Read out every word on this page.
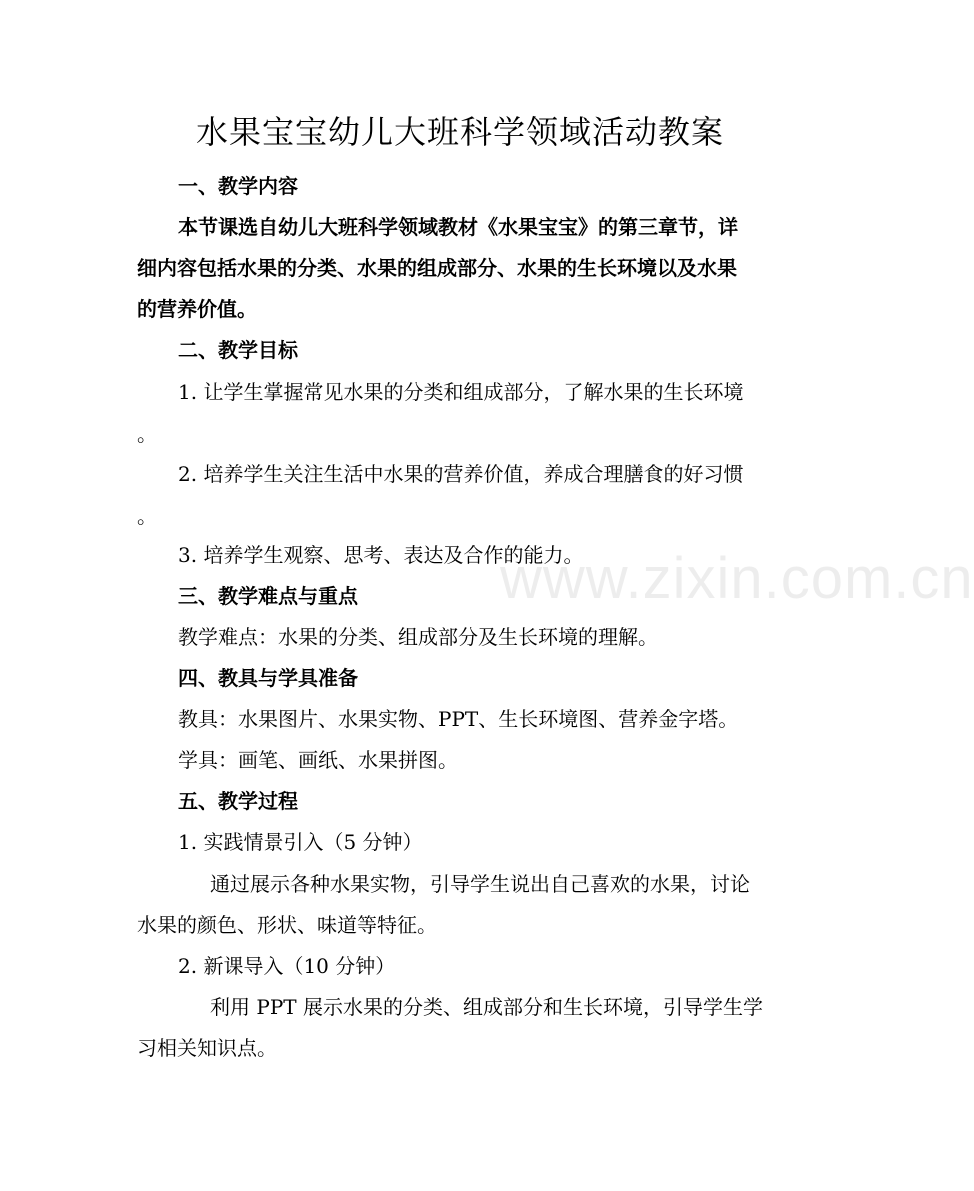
www.zixin.com.cn
水果宝宝幼儿大班科学领域活动教案

一、教学内容

本节课选自幼儿大班科学领域教材《水果宝宝》的第三章节，详

细内容包括水果的分类、水果的组成部分、水果的生长环境以及水果

的营养价值。

二、教学目标

1. 让学生掌握常见水果的分类和组成部分，了解水果的生长环境

。

2. 培养学生关注生活中水果的营养价值，养成合理膳食的好习惯

。

3. 培养学生观察、思考、表达及合作的能力。

三、教学难点与重点

教学难点：水果的分类、组成部分及生长环境的理解。

四、教具与学具准备

教具：水果图片、水果实物、PPT、生长环境图、营养金字塔。

学具：画笔、画纸、水果拼图。

五、教学过程

1. 实践情景引入（5 分钟）

通过展示各种水果实物，引导学生说出自己喜欢的水果，讨论

水果的颜色、形状、味道等特征。

2. 新课导入（10 分钟）

利用 PPT 展示水果的分类、组成部分和生长环境，引导学生学

习相关知识点。
